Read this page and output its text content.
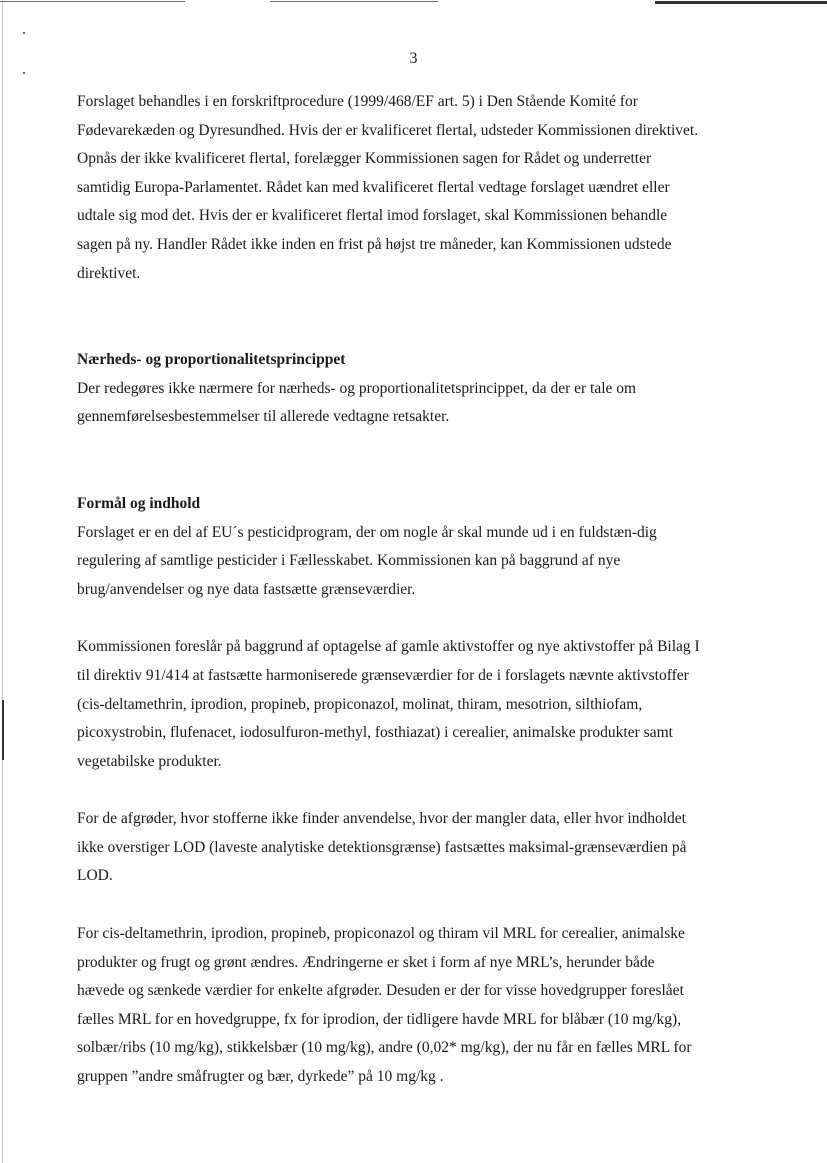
3
Forslaget behandles i en forskriftprocedure (1999/468/EF art. 5) i Den Stående Komité for
Fødevarekæden og Dyresundhed. Hvis der er kvalificeret flertal, udsteder Kommissionen direktivet.
Opnås der ikke kvalificeret flertal, forelægger Kommissionen sagen for Rådet og underretter
samtidig Europa-Parlamentet. Rådet kan med kvalificeret flertal vedtage forslaget uændret eller
udtale sig mod det. Hvis der er kvalificeret flertal imod forslaget, skal Kommissionen behandle
sagen på ny. Handler Rådet ikke inden en frist på højst tre måneder, kan Kommissionen udstede
direktivet.
Nærheds- og proportionalitetsprincippet
Der redegøres ikke nærmere for nærheds- og proportionalitetsprincippet, da der er tale om
gennemførelsesbestemmelser til allerede vedtagne retsakter.
Formål og indhold
Forslaget er en del af EU´s pesticidprogram, der om nogle år skal munde ud i en fuldstæn-dig
regulering af samtlige pesticider i Fællesskabet. Kommissionen kan på baggrund af nye
brug/anvendelser og nye data fastsætte grænseværdier.
Kommissionen foreslår på baggrund af optagelse af gamle aktivstoffer og nye aktivstoffer på Bilag I
til direktiv 91/414 at fastsætte harmoniserede grænseværdier for de i forslagets nævnte aktivstoffer
(cis-deltamethrin, iprodion, propineb, propiconazol, molinat, thiram, mesotrion, silthiofam,
picoxystrobin, flufenacet, iodosulfuron-methyl, fosthiazat) i cerealier, animalske produkter samt
vegetabilske produkter.
For de afgrøder, hvor stofferne ikke finder anvendelse, hvor der mangler data, eller hvor indholdet
ikke overstiger LOD (laveste analytiske detektionsgrænse) fastsættes maksimal-grænseværdien på
LOD.
For cis-deltamethrin, iprodion, propineb, propiconazol og thiram vil MRL for cerealier, animalske
produkter og frugt og grønt ændres. Ændringerne er sket i form af nye MRL’s, herunder både
hævede og sænkede værdier for enkelte afgrøder. Desuden er der for visse hovedgrupper foreslået
fælles MRL for en hovedgruppe, fx for iprodion, der tidligere havde MRL for blåbær (10 mg/kg),
solbær/ribs (10 mg/kg), stikkelsbær (10 mg/kg), andre (0,02* mg/kg), der nu får en fælles MRL for
gruppen ”andre småfrugter og bær, dyrkede” på 10 mg/kg .
